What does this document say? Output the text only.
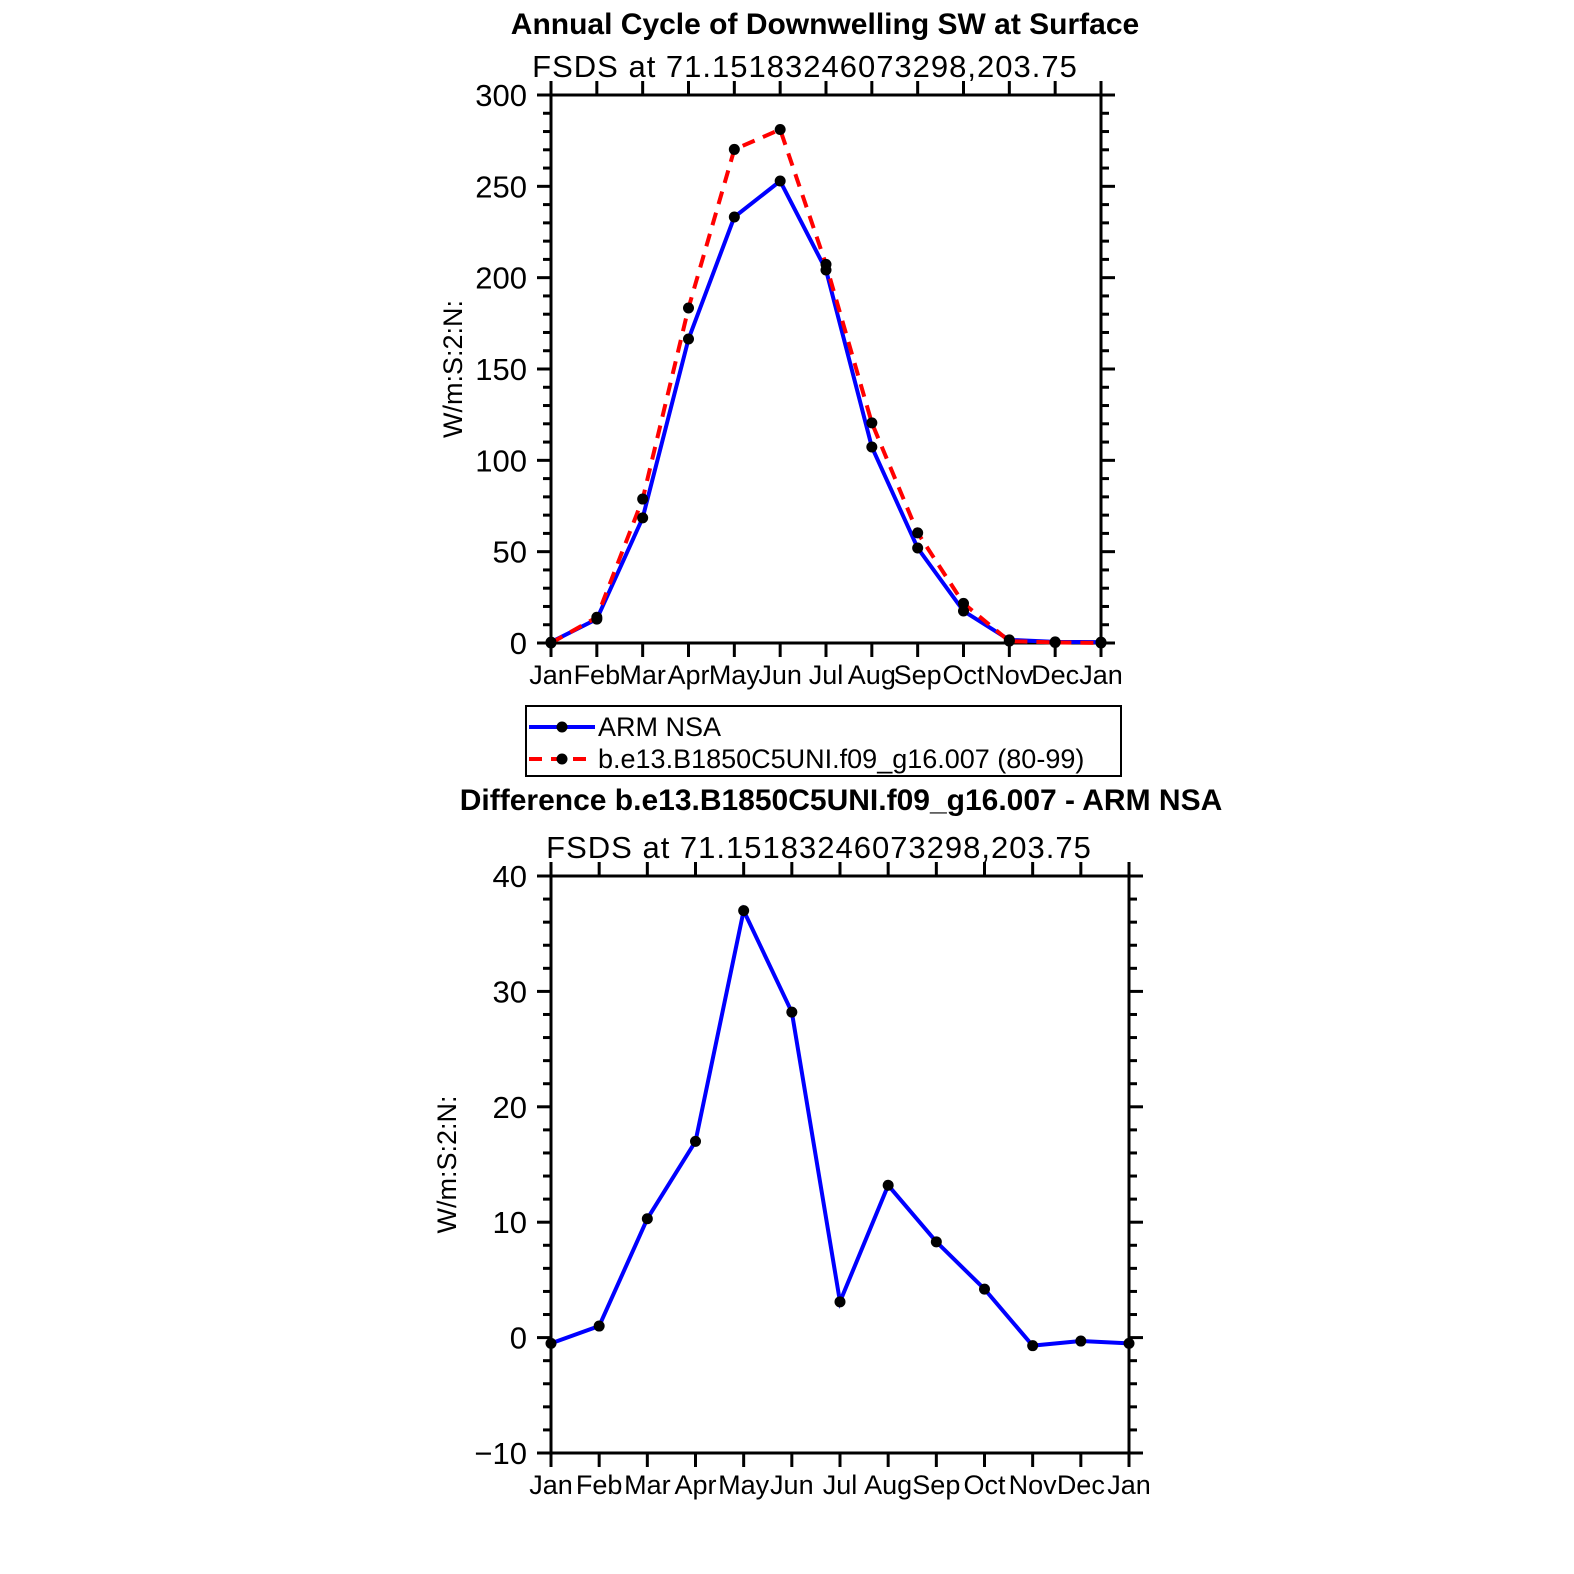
Annual Cycle of Downwelling SW at Surface
FSDS at 71.15183246073298,203.75
Difference b.e13.B1850C5UNI.f09_g16.007 - ARM NSA
FSDS at 71.15183246073298,203.75
0
50
100
150
200
250
300
Jan Feb Mar Apr May
Jun Jul Aug
Sep Oct Nov
Dec Jan
W/m:S:2:N:
−10
0
10
20
30
40
Jan Feb Mar Apr May Jun Jul Aug Sep Oct Nov Dec Jan
W/m:S:2:N:
ARM NSA
b.e13.B1850C5UNI.f09_g16.007 (80-99)
